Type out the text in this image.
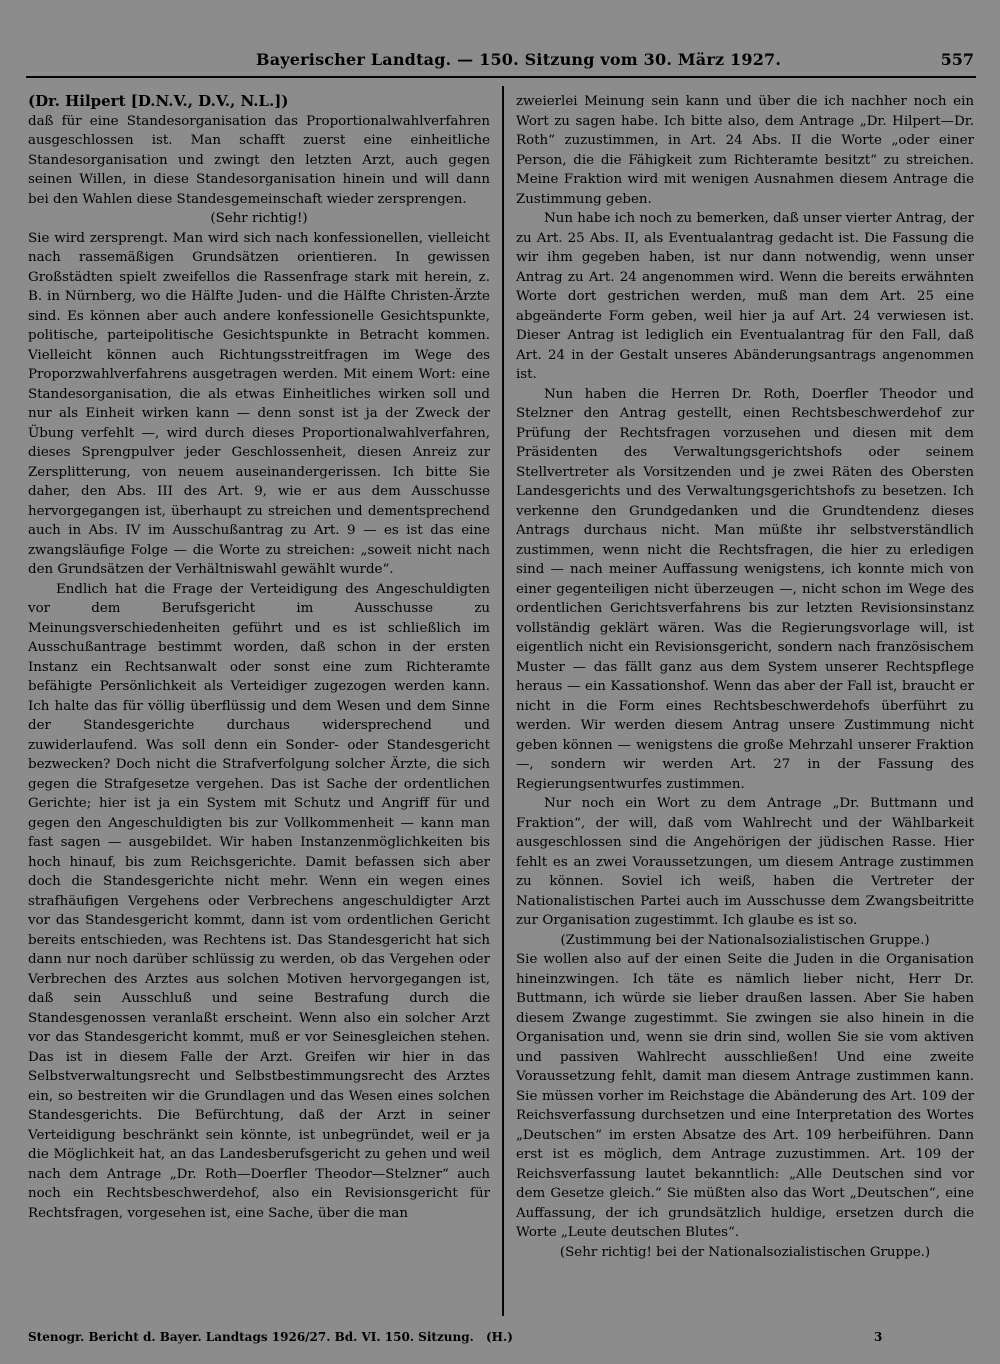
Bayerischer Landtag. — 150. Sitzung vom 30. März 1927.	557

(Dr. Hilpert [D.N.V., D.V., N.L.])

daß für eine Standesorganisation das Proportionalwahlverfahren ausgeschlossen ist. Man schafft zuerst eine einheitliche Standesorganisation und zwingt den letzten Arzt, auch gegen seinen Willen, in diese Standesorganisation hinein und will dann bei den Wahlen diese Standesgemeinschaft wieder zersprengen.

(Sehr richtig!)

Sie wird zersprengt. Man wird sich nach konfessionellen, vielleicht nach rassemäßigen Grundsätzen orientieren. In gewissen Großstädten spielt zweifellos die Rassenfrage stark mit herein, z. B. in Nürnberg, wo die Hälfte Juden- und die Hälfte Christen-Ärzte sind. Es können aber auch andere konfessionelle Gesichtspunkte, politische, parteipolitische Gesichtspunkte in Betracht kommen. Vielleicht können auch Richtungsstreitfragen im Wege des Proporzwahlverfahrens ausgetragen werden. Mit einem Wort: eine Standesorganisation, die als etwas Einheitliches wirken soll und nur als Einheit wirken kann — denn sonst ist ja der Zweck der Übung verfehlt —, wird durch dieses Proportionalwahlverfahren, dieses Sprengpulver jeder Geschlossenheit, diesen Anreiz zur Zersplitterung, von neuem auseinandergerissen. Ich bitte Sie daher, den Abs. III des Art. 9, wie er aus dem Ausschusse hervorgegangen ist, überhaupt zu streichen und dementsprechend auch in Abs. IV im Ausschußantrag zu Art. 9 — es ist das eine zwangsläufige Folge — die Worte zu streichen: „soweit nicht nach den Grundsätzen der Verhältniswahl gewählt wurde“.

Endlich hat die Frage der Verteidigung des Angeschuldigten vor dem Berufsgericht im Ausschusse zu Meinungsverschiedenheiten geführt und es ist schließlich im Ausschußantrage bestimmt worden, daß schon in der ersten Instanz ein Rechtsanwalt oder sonst eine zum Richteramte befähigte Persönlichkeit als Verteidiger zugezogen werden kann. Ich halte das für völlig überflüssig und dem Wesen und dem Sinne der Standesgerichte durchaus widersprechend und zuwiderlaufend. Was soll denn ein Sonder- oder Standesgericht bezwecken? Doch nicht die Strafverfolgung solcher Ärzte, die sich gegen die Strafgesetze vergehen. Das ist Sache der ordentlichen Gerichte; hier ist ja ein System mit Schutz und Angriff für und gegen den Angeschuldigten bis zur Vollkommenheit — kann man fast sagen — ausgebildet. Wir haben Instanzenmöglichkeiten bis hoch hinauf, bis zum Reichsgerichte. Damit befassen sich aber doch die Standesgerichte nicht mehr. Wenn ein wegen eines strafhäufigen Vergehens oder Verbrechens angeschuldigter Arzt vor das Standesgericht kommt, dann ist vom ordentlichen Gericht bereits entschieden, was Rechtens ist. Das Standesgericht hat sich dann nur noch darüber schlüssig zu werden, ob das Vergehen oder Verbrechen des Arztes aus solchen Motiven hervorgegangen ist, daß sein Ausschluß und seine Bestrafung durch die Standesgenossen veranlaßt erscheint. Wenn also ein solcher Arzt vor das Standesgericht kommt, muß er vor Seinesgleichen stehen. Das ist in diesem Falle der Arzt. Greifen wir hier in das Selbstverwaltungsrecht und Selbstbestimmungsrecht des Arztes ein, so bestreiten wir die Grundlagen und das Wesen eines solchen Standesgerichts. Die Befürchtung, daß der Arzt in seiner Verteidigung beschränkt sein könnte, ist unbegründet, weil er ja die Möglichkeit hat, an das Landesberufsgericht zu gehen und weil nach dem Antrage „Dr. Roth—Doerfler Theodor—Stelzner“ auch noch ein Rechtsbeschwerdehof, also ein Revisionsgericht für Rechtsfragen, vorgesehen ist, eine Sache, über die man

zweierlei Meinung sein kann und über die ich nachher noch ein Wort zu sagen habe. Ich bitte also, dem Antrage „Dr. Hilpert—Dr. Roth“ zuzustimmen, in Art. 24 Abs. II die Worte „oder einer Person, die die Fähigkeit zum Richteramte besitzt“ zu streichen. Meine Fraktion wird mit wenigen Ausnahmen diesem Antrage die Zustimmung geben.

Nun habe ich noch zu bemerken, daß unser vierter Antrag, der zu Art. 25 Abs. II, als Eventualantrag gedacht ist. Die Fassung die wir ihm gegeben haben, ist nur dann notwendig, wenn unser Antrag zu Art. 24 angenommen wird. Wenn die bereits erwähnten Worte dort gestrichen werden, muß man dem Art. 25 eine abgeänderte Form geben, weil hier ja auf Art. 24 verwiesen ist. Dieser Antrag ist lediglich ein Eventualantrag für den Fall, daß Art. 24 in der Gestalt unseres Abänderungsantrags angenommen ist.

Nun haben die Herren Dr. Roth, Doerfler Theodor und Stelzner den Antrag gestellt, einen Rechtsbeschwerdehof zur Prüfung der Rechtsfragen vorzusehen und diesen mit dem Präsidenten des Verwaltungsgerichtshofs oder seinem Stellvertreter als Vorsitzenden und je zwei Räten des Obersten Landesgerichts und des Verwaltungsgerichtshofs zu besetzen. Ich verkenne den Grundgedanken und die Grundtendenz dieses Antrags durchaus nicht. Man müßte ihr selbstverständlich zustimmen, wenn nicht die Rechtsfragen, die hier zu erledigen sind — nach meiner Auffassung wenigstens, ich konnte mich von einer gegenteiligen nicht überzeugen —, nicht schon im Wege des ordentlichen Gerichtsverfahrens bis zur letzten Revisionsinstanz vollständig geklärt wären. Was die Regierungsvorlage will, ist eigentlich nicht ein Revisionsgericht, sondern nach französischem Muster — das fällt ganz aus dem System unserer Rechtspflege heraus — ein Kassationshof. Wenn das aber der Fall ist, braucht er nicht in die Form eines Rechtsbeschwerdehofs überführt zu werden. Wir werden diesem Antrag unsere Zustimmung nicht geben können — wenigstens die große Mehrzahl unserer Fraktion —, sondern wir werden Art. 27 in der Fassung des Regierungsentwurfes zustimmen.

Nur noch ein Wort zu dem Antrage „Dr. Buttmann und Fraktion“, der will, daß vom Wahlrecht und der Wählbarkeit ausgeschlossen sind die Angehörigen der jüdischen Rasse. Hier fehlt es an zwei Voraussetzungen, um diesem Antrage zustimmen zu können. Soviel ich weiß, haben die Vertreter der Nationalistischen Partei auch im Ausschusse dem Zwangsbeitritte zur Organisation zugestimmt. Ich glaube es ist so.

(Zustimmung bei der Nationalsozialistischen Gruppe.)

Sie wollen also auf der einen Seite die Juden in die Organisation hineinzwingen. Ich täte es nämlich lieber nicht, Herr Dr. Buttmann, ich würde sie lieber draußen lassen. Aber Sie haben diesem Zwange zugestimmt. Sie zwingen sie also hinein in die Organisation und, wenn sie drin sind, wollen Sie sie vom aktiven und passiven Wahlrecht ausschließen! Und eine zweite Voraussetzung fehlt, damit man diesem Antrage zustimmen kann. Sie müssen vorher im Reichstage die Abänderung des Art. 109 der Reichsverfassung durchsetzen und eine Interpretation des Wortes „Deutschen“ im ersten Absatze des Art. 109 herbeiführen. Dann erst ist es möglich, dem Antrage zuzustimmen. Art. 109 der Reichsverfassung lautet bekanntlich: „Alle Deutschen sind vor dem Gesetze gleich.“ Sie müßten also das Wort „Deutschen“, eine Auffassung, der ich grundsätzlich huldige, ersetzen durch die Worte „Leute deutschen Blutes“.

(Sehr richtig! bei der Nationalsozialistischen Gruppe.)

Stenogr. Bericht d. Bayer. Landtags 1926/27. Bd. VI. 150. Sitzung. (H.)	3
